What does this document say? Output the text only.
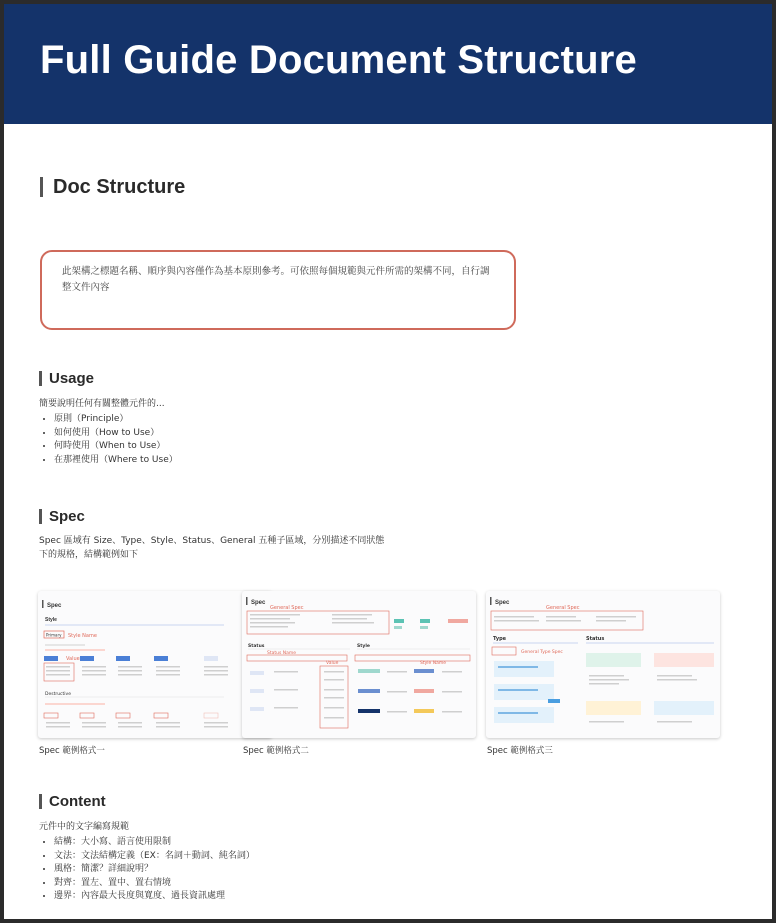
Full Guide Document Structure
Doc Structure

此架構之標題名稱、順序與內容僅作為基本原則參考。可依照每個規範與元件所需的架構不同，自行調整文件內容

Usage

簡要說明任何有關整體元件的...

• 原則（Principle）
• 如何使用（How to Use）
• 何時使用（When to Use）
• 在那裡使用（Where to Use）
Spec

Spec 區域有 Size、Type、Style、Status、General 五種子區域，分別描述不同狀態

下的規格，結構範例如下

Spec
Style
Primary Style Name
Value
Destructive
Spec 範例格式一
Spec
General Spec
Status	Style
Status Name
Value	Style Name
Spec 範例格式二
Spec
General Spec
Type	Status
General Type Spec
Spec 範例格式三
Content

元件中的文字編寫規範

• 結構：大小寫、語言使用限制
• 文法：文法結構定義（EX：名詞＋動詞、純名詞）
• 風格：簡潔？詳細說明？
• 對齊：置左、置中、置右情境
• 邊界：內容最大長度與寬度、過長資訊處理
